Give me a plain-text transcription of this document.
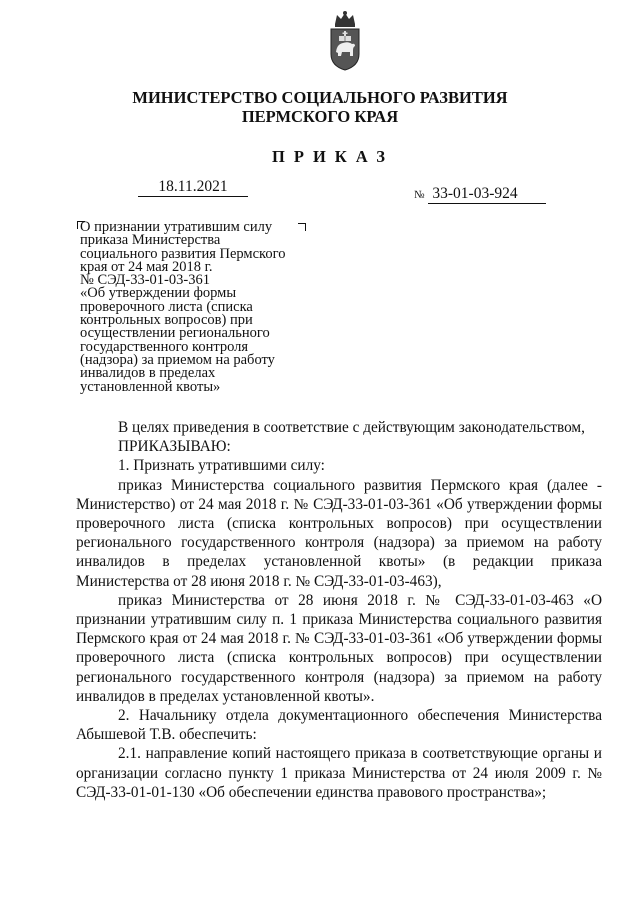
МИНИСТЕРСТВО СОЦИАЛЬНОГО РАЗВИТИЯ
ПЕРМСКОГО КРАЯ
ПРИКАЗ
18.11.2021	№ 33-01-03-924
О признании утратившим силу
приказа Министерства
социального развития Пермского
края от 24 мая 2018 г.
№ СЭД-33-01-03-361
«Об утверждении формы
проверочного листа (списка
контрольных вопросов) при
осуществлении регионального
государственного контроля
(надзора) за приемом на работу
инвалидов в пределах
установленной квоты»

В целях приведения в соответствие с действующим законодательством,

ПРИКАЗЫВАЮ:

1. Признать утратившими силу:

приказ Министерства социального развития Пермского края (далее - Министерство) от 24 мая 2018 г. № СЭД-33-01-03-361 «Об утверждении формы проверочного листа (списка контрольных вопросов) при осуществлении регионального государственного контроля (надзора) за приемом на работу инвалидов в пределах установленной квоты» (в редакции приказа Министерства от 28 июня 2018 г. № СЭД-33-01-03-463),

приказ Министерства от 28 июня 2018 г. № СЭД-33-01-03-463 «О признании утратившим силу п. 1 приказа Министерства социального развития Пермского края от 24 мая 2018 г. № СЭД-33-01-03-361 «Об утверждении формы проверочного листа (списка контрольных вопросов) при осуществлении регионального государственного контроля (надзора) за приемом на работу инвалидов в пределах установленной квоты».

2. Начальнику отдела документационного обеспечения Министерства Абышевой Т.В. обеспечить:

2.1. направление копий настоящего приказа в соответствующие органы и организации согласно пункту 1 приказа Министерства от 24 июля 2009 г. № СЭД-33-01-01-130 «Об обеспечении единства правового пространства»;
